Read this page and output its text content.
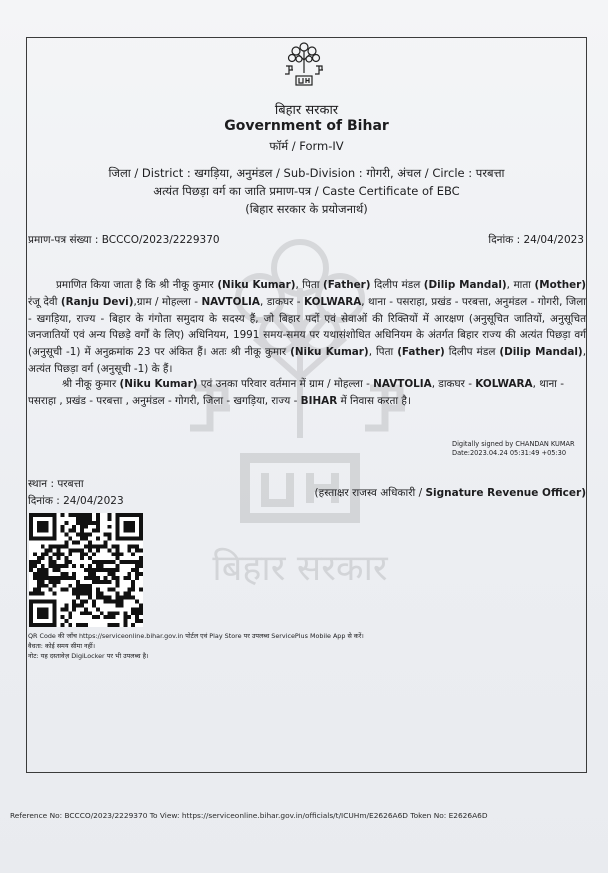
बिहार सरकार
बिहार सरकार
Government of Bihar
फॉर्म / Form-IV
जिला / District : खगड़िया, अनुमंडल / Sub-Division : गोगरी, अंचल / Circle : परबत्ता
अत्यंत पिछड़ा वर्ग का जाति प्रमाण-पत्र / Caste Certificate of EBC
(बिहार सरकार के प्रयोजनार्थ)
प्रमाण-पत्र संख्या : BCCCO/2023/2229370	दिनांक : 24/04/2023
प्रमाणित किया जाता है कि श्री नीकू कुमार (Niku Kumar), पिता (Father) दिलीप मंडल (Dilip Mandal), माता (Mother) रंजू देवी (Ranju Devi),ग्राम / मोहल्ला - NAVTOLIA, डाकघर - KOLWARA, थाना - पसराहा, प्रखंड - परबत्ता, अनुमंडल - गोगरी, जिला - खगड़िया, राज्य - बिहार के गंगोता समुदाय के सदस्य हैं, जो बिहार पदों एवं सेवाओं की रिक्तियों में आरक्षण (अनुसूचित जातियों, अनुसूचित जनजातियों एवं अन्य पिछड़े वर्गों के लिए) अधिनियम, 1991 समय-समय पर यथासंशोधित अधिनियम के अंतर्गत बिहार राज्य की अत्यंत पिछड़ा वर्ग (अनुसूची -1) में अनुक्रमांक 23 पर अंकित हैं। अतः श्री नीकू कुमार (Niku Kumar), पिता (Father) दिलीप मंडल (Dilip Mandal), अत्यंत पिछड़ा वर्ग (अनुसूची -1) के हैं।
श्री नीकू कुमार (Niku Kumar) एवं उनका परिवार वर्तमान में ग्राम / मोहल्ला - NAVTOLIA, डाकघर - KOLWARA, थाना - पसराहा , प्रखंड - परबत्ता , अनुमंडल - गोगरी, जिला - खगड़िया, राज्य - BIHAR में निवास करता है।
Digitally signed by CHANDAN KUMAR
Date:2023.04.24 05:31:49 +05:30
स्थान : परबत्ता
दिनांक : 24/04/2023
(हस्ताक्षर राजस्व अधिकारी / Signature Revenue Officer)
QR Code की जाँच https://serviceonline.bihar.gov.in पोर्टल एवं Play Store पर उपलब्ध ServicePlus Mobile App से करें।
वैधता: कोई समय सीमा नहीं।
नोट: यह दस्तावेज़ DigiLocker पर भी उपलब्ध है।
Reference No: BCCCO/2023/2229370 To View: https://serviceonline.bihar.gov.in/officials/t/ICUHm/E2626A6D Token No: E2626A6D
